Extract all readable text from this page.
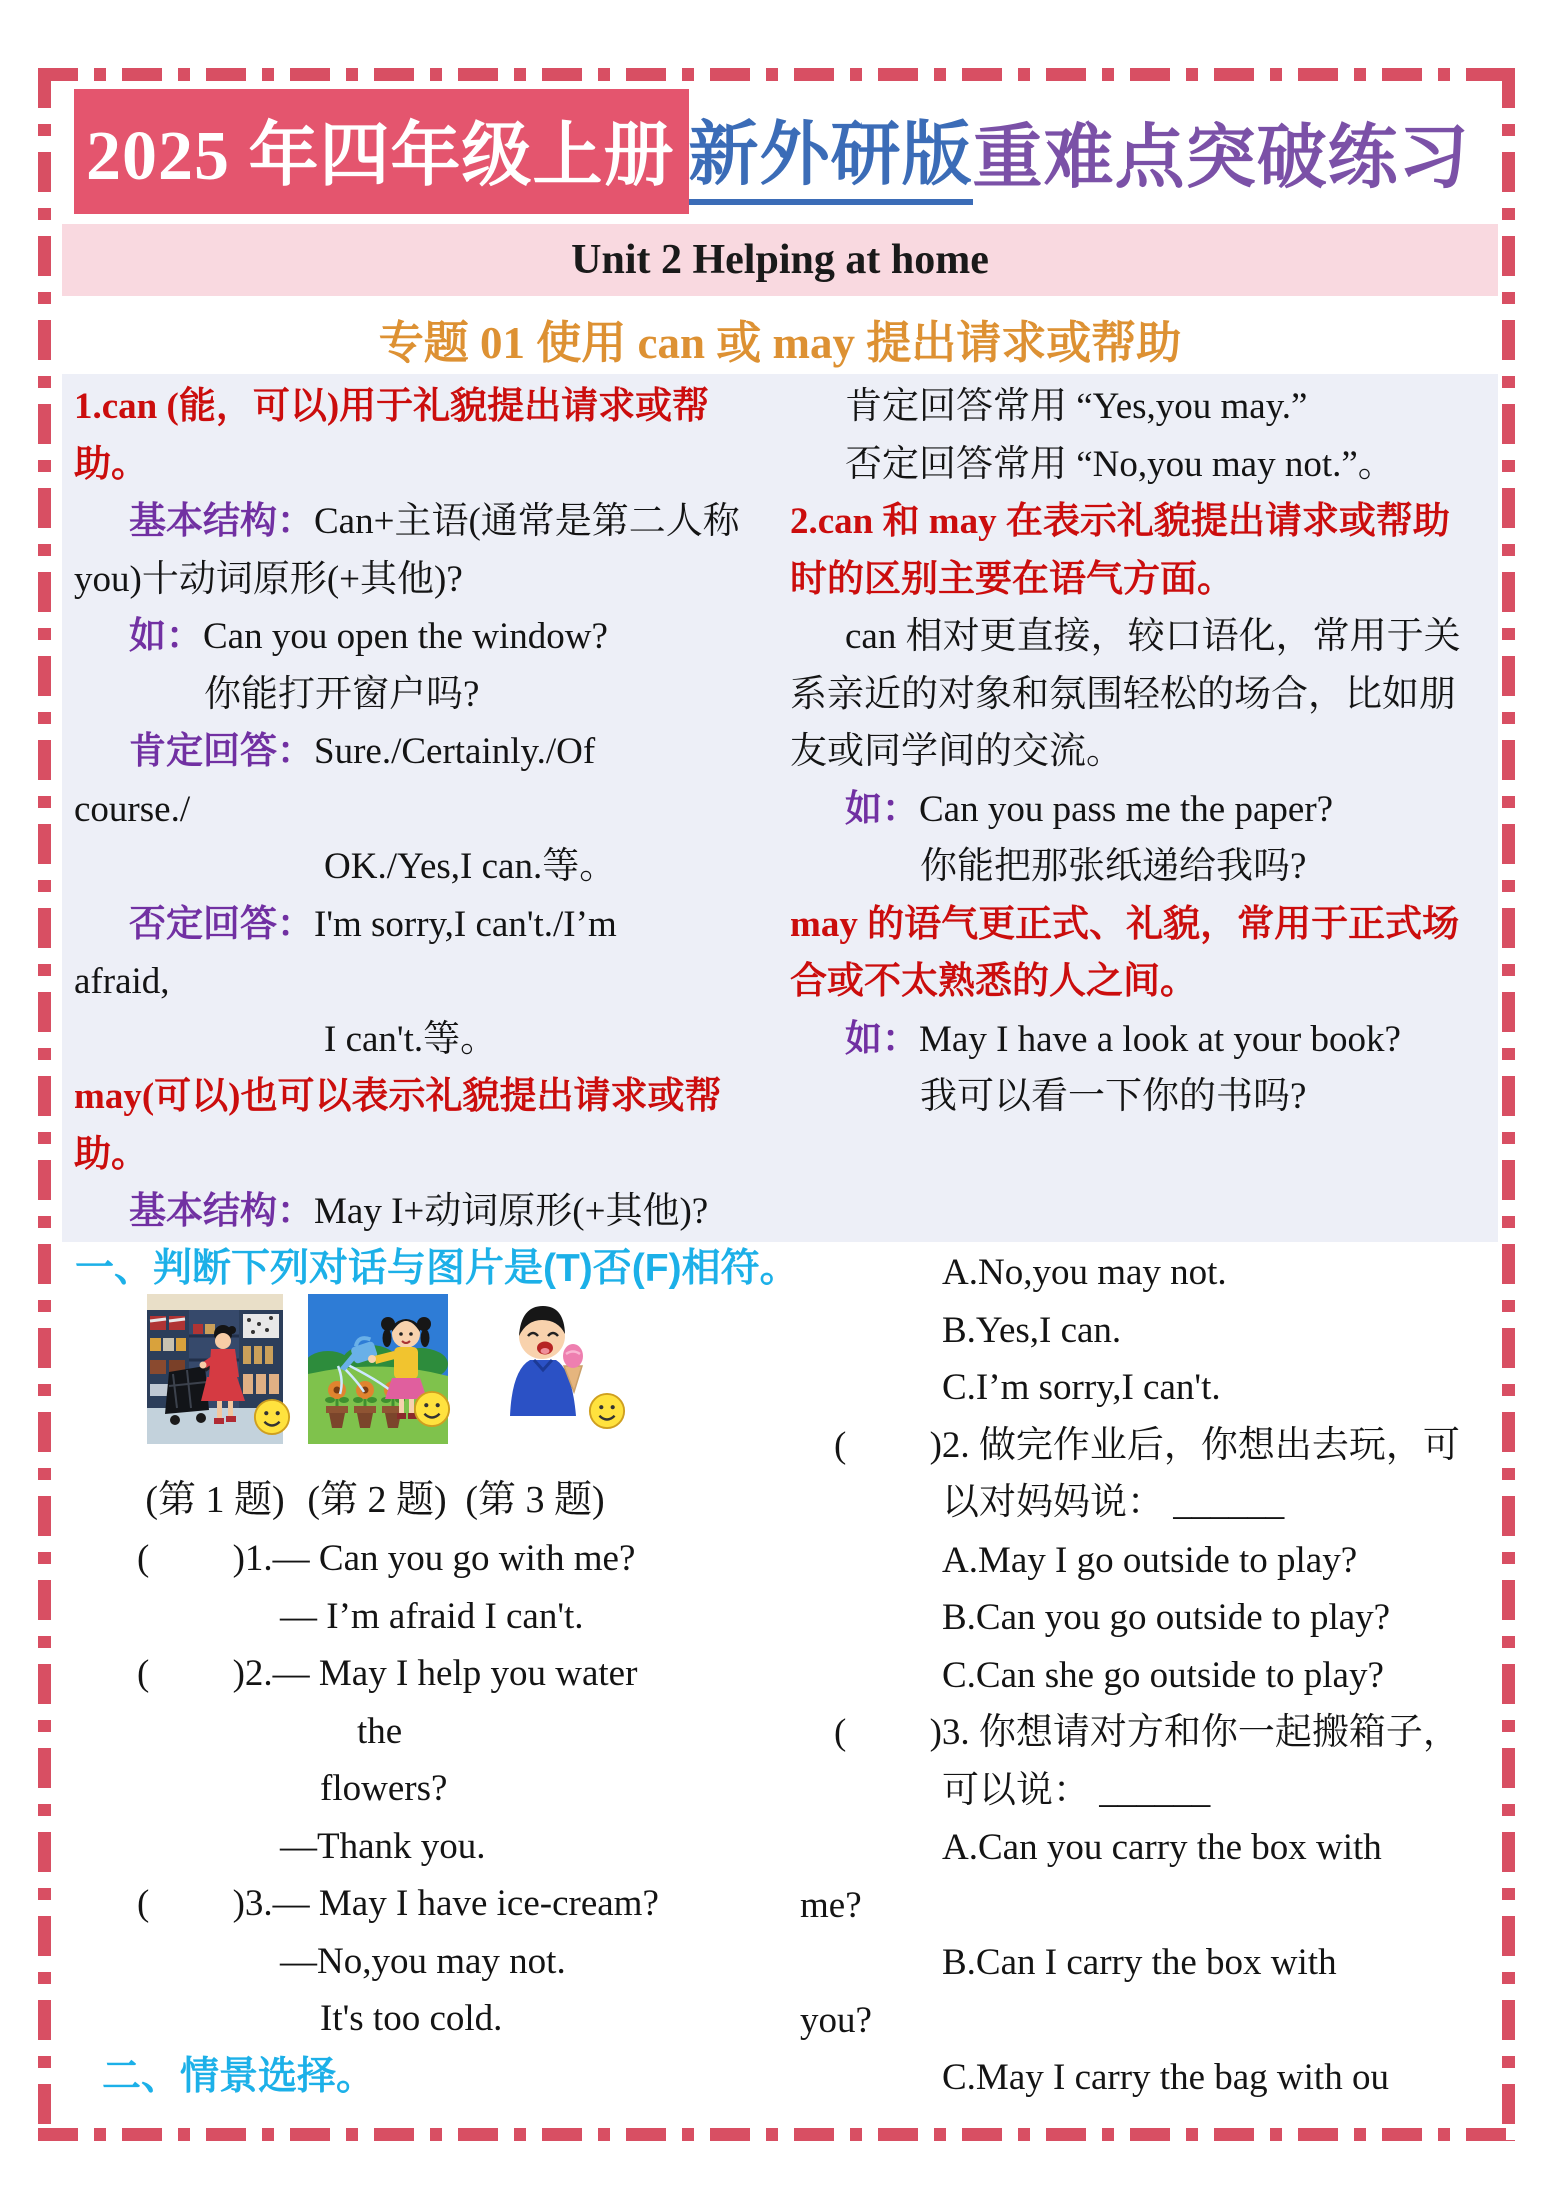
2025 年四年级上册 新外研版 重难点突破练习
Unit 2 Helping at home
专题 01 使用 can 或 may 提出请求或帮助
1.can (能，可以)用于礼貌提出请求或帮
助。
基本结构：Can+主语(通常是第二人称
you)十动词原形(+其他)?
如：Can you open the window?
你能打开窗户吗?
肯定回答：Sure./Certainly./Of
course./
OK./Yes,I can.等。
否定回答：I'm sorry,I can't./I’m
afraid,
I can't.等。
may(可以)也可以表示礼貌提出请求或帮
助。
基本结构：May I+动词原形(+其他)?
肯定回答常用 “Yes,you may.”
否定回答常用 “No,you may not.”。
2.can 和 may 在表示礼貌提出请求或帮助
时的区别主要在语气方面。
can 相对更直接，较口语化，常用于关
系亲近的对象和氛围轻松的场合，比如朋
友或同学间的交流。
如：Can you pass me the paper?
你能把那张纸递给我吗?
may 的语气更正式、礼貌，常用于正式场
合或不太熟悉的人之间。
如：May I have a look at your book?
我可以看一下你的书吗?
一、判断下列对话与图片是(T)否(F)相符。
(第 1 题) (第 2 题) (第 3 题)
(　　 )1.— Can you go with me?
— I’m afraid I can't.
(　　 )2.— May I help you water
the
flowers?
—Thank you.
(　　 )3.— May I have ice-cream?
—No,you may not.
It's too cold.
二、情景选择。
A.No,you may not.
B.Yes,I can.
C.I’m sorry,I can't.
(　　 )2. 做完作业后，你想出去玩，可
以对妈妈说： ______
A.May I go outside to play?
B.Can you go outside to play?
C.Can she go outside to play?
(　　 )3. 你想请对方和你一起搬箱子，
可以说： ______
A.Can you carry the box with
me?
B.Can I carry the box with
you?
C.May I carry the bag with ou
